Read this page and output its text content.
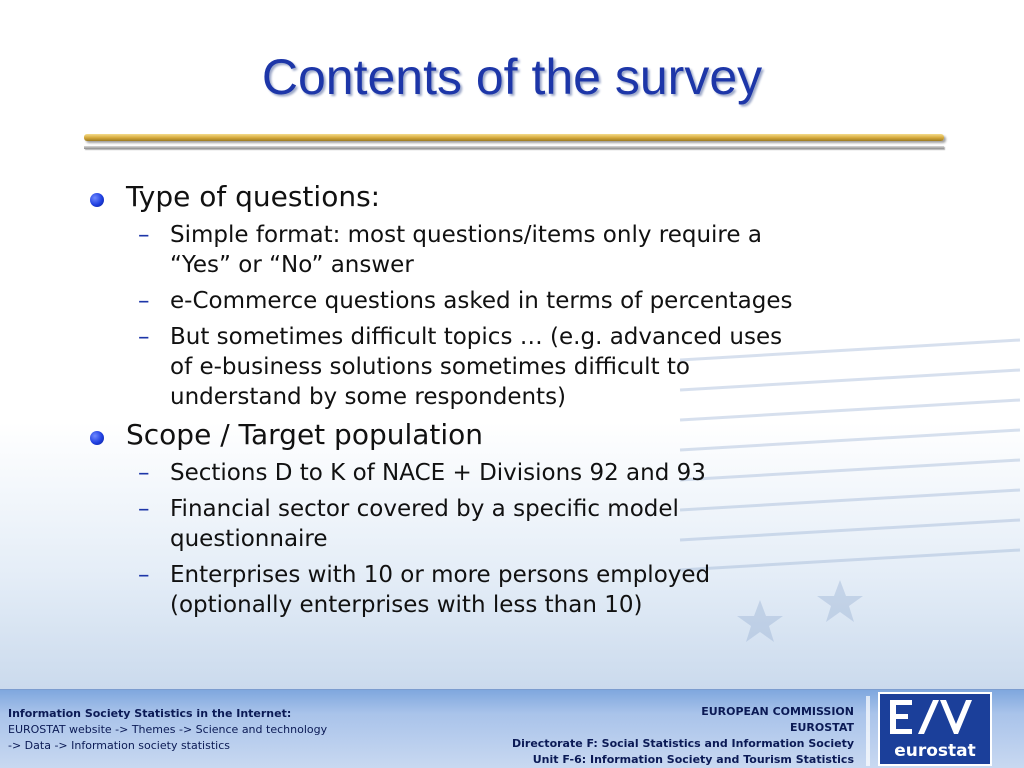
Contents of the survey
Type of questions:
– Simple format: most questions/items only require a “Yes” or “No” answer
– e-Commerce questions asked in terms of percentages
– But sometimes difficult topics … (e.g. advanced uses of e-business solutions sometimes difficult to understand by some respondents)
Scope / Target population
– Sections D to K of NACE + Divisions 92 and 93
– Financial sector covered by a specific model questionnaire
– Enterprises with 10 or more persons employed (optionally enterprises with less than 10)
Information Society Statistics in the Internet:
EUROSTAT website -> Themes -> Science and technology
-> Data -> Information society statistics
EUROPEAN COMMISSION
EUROSTAT
Directorate F: Social Statistics and Information Society
Unit F-6: Information Society and Tourism Statistics eurostat
